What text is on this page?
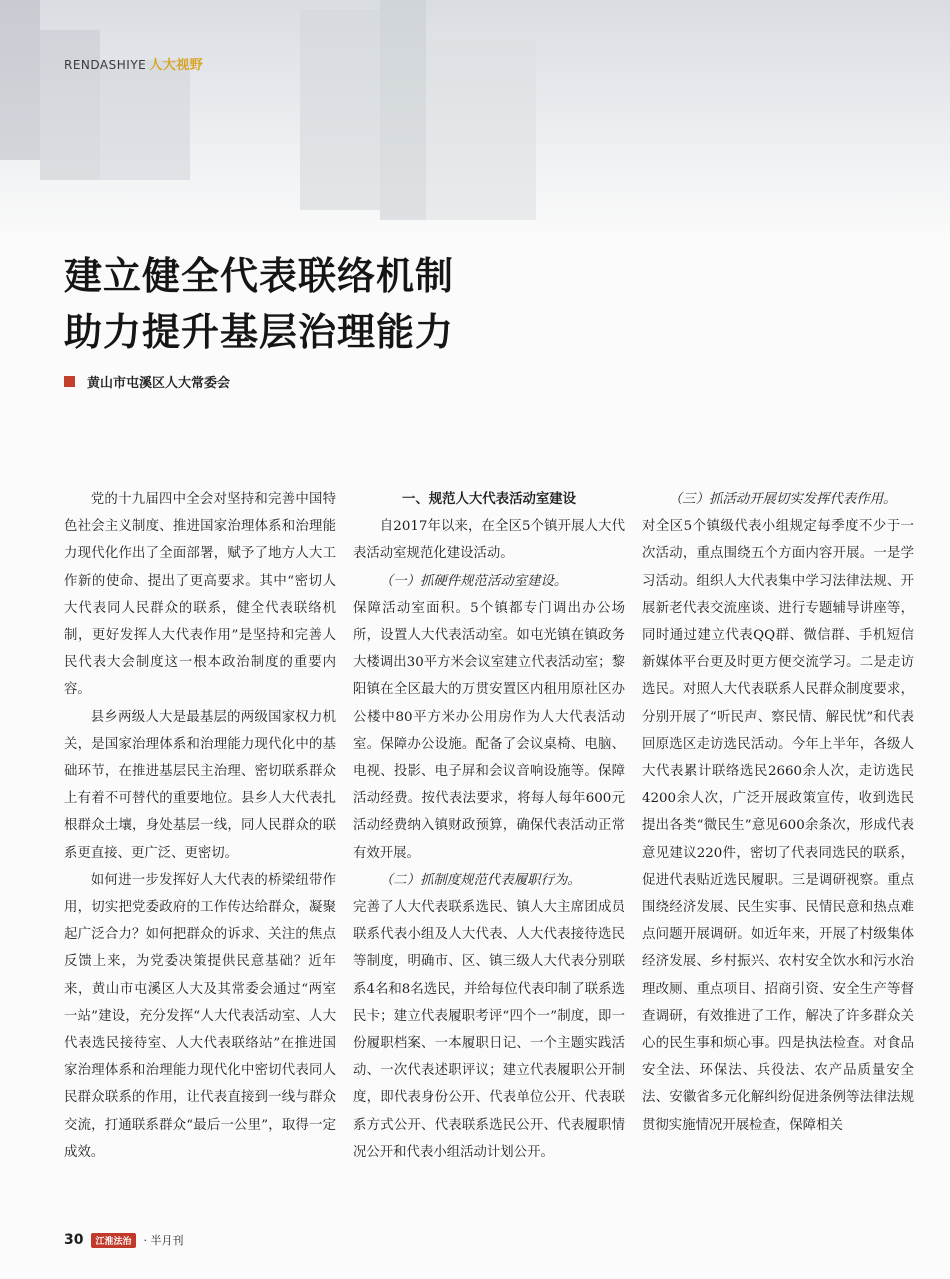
RENDASHIYE 人大视野
建立健全代表联络机制
助力提升基层治理能力
黄山市屯溪区人大常委会

党的十九届四中全会对坚持和完善中国特色社会主义制度、推进国家治理体系和治理能力现代化作出了全面部署，赋予了地方人大工作新的使命、提出了更高要求。其中“密切人大代表同人民群众的联系，健全代表联络机制，更好发挥人大代表作用”是坚持和完善人民代表大会制度这一根本政治制度的重要内容。

县乡两级人大是最基层的两级国家权力机关，是国家治理体系和治理能力现代化中的基础环节，在推进基层民主治理、密切联系群众上有着不可替代的重要地位。县乡人大代表扎根群众土壤，身处基层一线，同人民群众的联系更直接、更广泛、更密切。

如何进一步发挥好人大代表的桥梁纽带作用，切实把党委政府的工作传达给群众，凝聚起广泛合力？如何把群众的诉求、关注的焦点反馈上来，为党委决策提供民意基础？近年来，黄山市屯溪区人大及其常委会通过“两室一站”建设，充分发挥“人大代表活动室、人大代表选民接待室、人大代表联络站”在推进国家治理体系和治理能力现代化中密切代表同人民群众联系的作用，让代表直接到一线与群众交流，打通联系群众“最后一公里”，取得一定成效。

一、规范人大代表活动室建设

自2017年以来，在全区5个镇开展人大代表活动室规范化建设活动。

（一）抓硬件规范活动室建设。

保障活动室面积。5个镇都专门调出办公场所，设置人大代表活动室。如屯光镇在镇政务大楼调出30平方米会议室建立代表活动室；黎阳镇在全区最大的万贯安置区内租用原社区办公楼中80平方米办公用房作为人大代表活动室。保障办公设施。配备了会议桌椅、电脑、电视、投影、电子屏和会议音响设施等。保障活动经费。按代表法要求，将每人每年600元活动经费纳入镇财政预算，确保代表活动正常有效开展。

（二）抓制度规范代表履职行为。

完善了人大代表联系选民、镇人大主席团成员联系代表小组及人大代表、人大代表接待选民等制度，明确市、区、镇三级人大代表分别联系4名和8名选民，并给每位代表印制了联系选民卡；建立代表履职考评“四个一”制度，即一份履职档案、一本履职日记、一个主题实践活动、一次代表述职评议；建立代表履职公开制度，即代表身份公开、代表单位公开、代表联系方式公开、代表联系选民公开、代表履职情况公开和代表小组活动计划公开。

（三）抓活动开展切实发挥代表作用。

对全区5个镇级代表小组规定每季度不少于一次活动，重点围绕五个方面内容开展。一是学习活动。组织人大代表集中学习法律法规、开展新老代表交流座谈、进行专题辅导讲座等，同时通过建立代表QQ群、微信群、手机短信新媒体平台更及时更方便交流学习。二是走访选民。对照人大代表联系人民群众制度要求，分别开展了“听民声、察民情、解民忧”和代表回原选区走访选民活动。今年上半年，各级人大代表累计联络选民2660余人次，走访选民4200余人次，广泛开展政策宣传，收到选民提出各类“微民生”意见600余条次，形成代表意见建议220件，密切了代表同选民的联系，促进代表贴近选民履职。三是调研视察。重点围绕经济发展、民生实事、民情民意和热点难点问题开展调研。如近年来，开展了村级集体经济发展、乡村振兴、农村安全饮水和污水治理改厕、重点项目、招商引资、安全生产等督查调研，有效推进了工作，解决了许多群众关心的民生事和烦心事。四是执法检查。对食品安全法、环保法、兵役法、农产品质量安全法、安徽省多元化解纠纷促进条例等法律法规贯彻实施情况开展检查，保障相关

30	江淮法治	· 半月刊
